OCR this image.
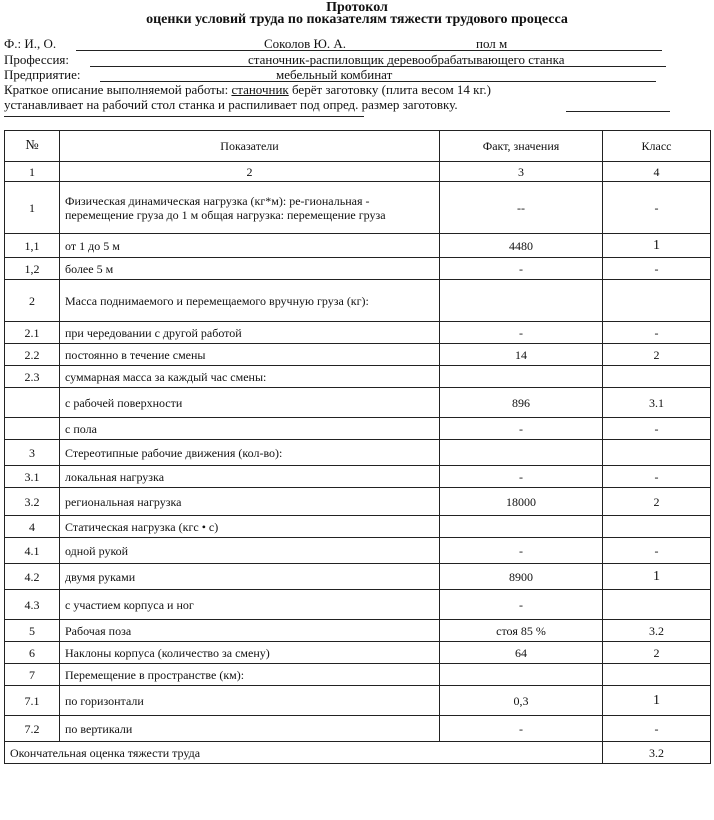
Протокол
оценки условий труда по показателям тяжести трудового процесса
Ф.: И., О.	Соколов Ю. А.	пол м
Профессия:	станочник-распиловщик деревообрабатывающего станка
Предприятие:	мебельный комбинат
Краткое описание выполняемой работы: станочник берёт заготовку (плита весом 14 кг.)
устанавливает на рабочий стол станка и распиливает под опред. размер заготовку.
№	Показатели	Факт, значения	Класс
1	2	3	4
1	Физическая динамическая нагрузка (кг*м): ре-гиональная - перемещение груза до 1 м общая нагрузка: перемещение груза	--	-
1,1	от 1 до 5 м	4480	1
1,2	более 5 м	-	-
2	Масса поднимаемого и перемещаемого вручную груза (кг):		
2.1	при чередовании с другой работой	-	-
2.2	постоянно в течение смены	14	2
2.3	суммарная масса за каждый час смены:		
	с рабочей поверхности	896	3.1
	с пола	-	-
3	Стереотипные рабочие движения (кол-во):		
3.1	локальная нагрузка	-	-
3.2	региональная нагрузка	18000	2
4	Статическая нагрузка (кгс • с)		
4.1	одной рукой	-	-
4.2	двумя руками	8900	1
4.3	с участием корпуса и ног	-	
5	Рабочая поза	стоя 85 %	3.2
6	Наклоны корпуса (количество за смену)	64	2
7	Перемещение в пространстве (км):		
7.1	по горизонтали	0,3	1
7.2	по вертикали	-	-
Окончательная оценка тяжести труда			3.2
